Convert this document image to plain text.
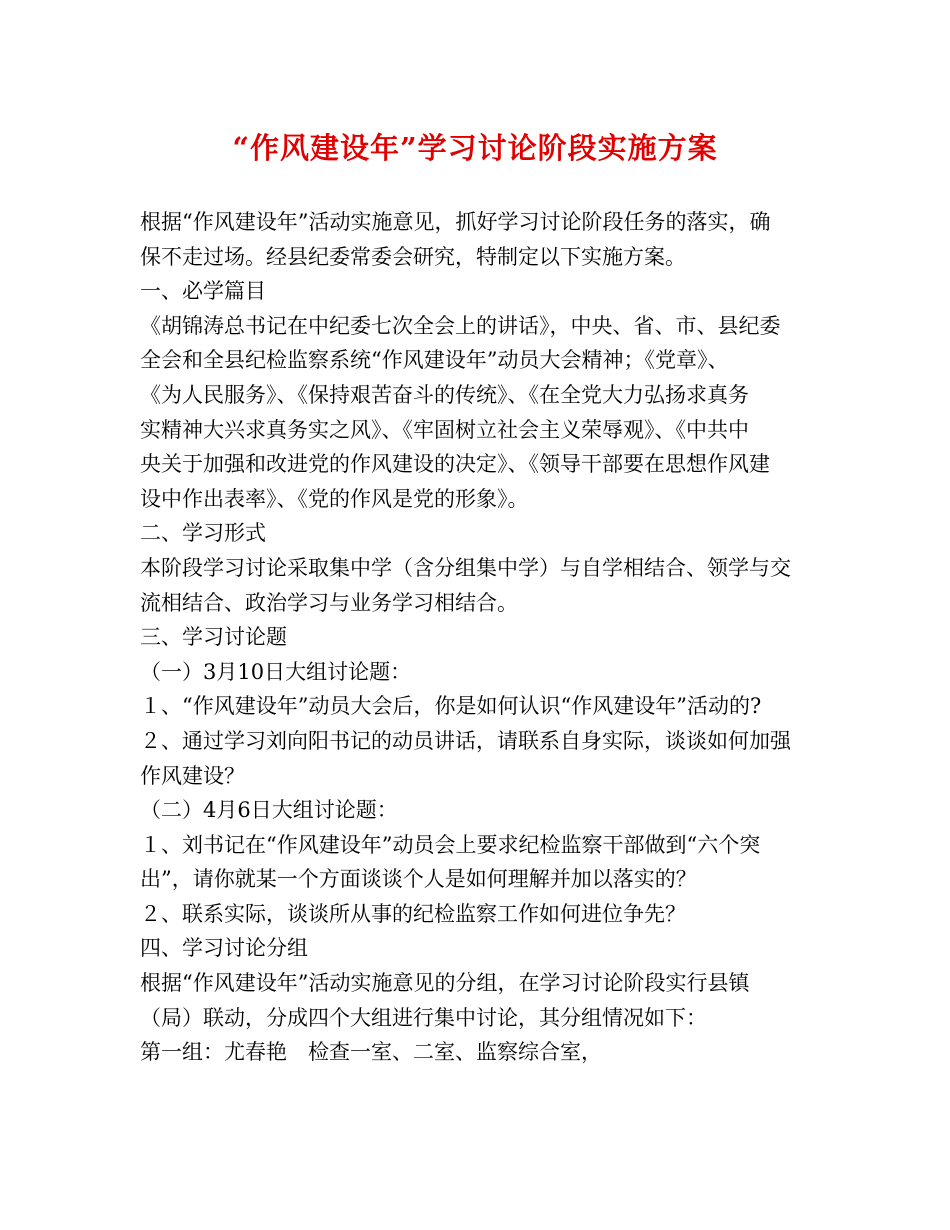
“作风建设年”学习讨论阶段实施方案
根据“作风建设年”活动实施意见，抓好学习讨论阶段任务的落实，确
保不走过场。经县纪委常委会研究，特制定以下实施方案。
一、必学篇目
《胡锦涛总书记在中纪委七次全会上的讲话》，中央、省、市、县纪委
全会和全县纪检监察系统“作风建设年”动员大会精神；《党章》、
《为人民服务》、《保持艰苦奋斗的传统》、《在全党大力弘扬求真务
实精神大兴求真务实之风》、《牢固树立社会主义荣辱观》、《中共中
央关于加强和改进党的作风建设的决定》、《领导干部要在思想作风建
设中作出表率》、《党的作风是党的形象》。
二、学习形式
本阶段学习讨论采取集中学（含分组集中学）与自学相结合、领学与交
流相结合、政治学习与业务学习相结合。
三、学习讨论题
（一）3月10日大组讨论题：
１、“作风建设年”动员大会后，你是如何认识“作风建设年”活动的?
２、通过学习刘向阳书记的动员讲话，请联系自身实际，谈谈如何加强
作风建设？
（二）4月6日大组讨论题：
１、刘书记在“作风建设年”动员会上要求纪检监察干部做到“六个突
出”，请你就某一个方面谈谈个人是如何理解并加以落实的？
２、联系实际，谈谈所从事的纪检监察工作如何进位争先？
四、学习讨论分组
根据“作风建设年”活动实施意见的分组，在学习讨论阶段实行县镇
（局）联动，分成四个大组进行集中讨论，其分组情况如下：
第一组：尤春艳　检查一室、二室、监察综合室，
